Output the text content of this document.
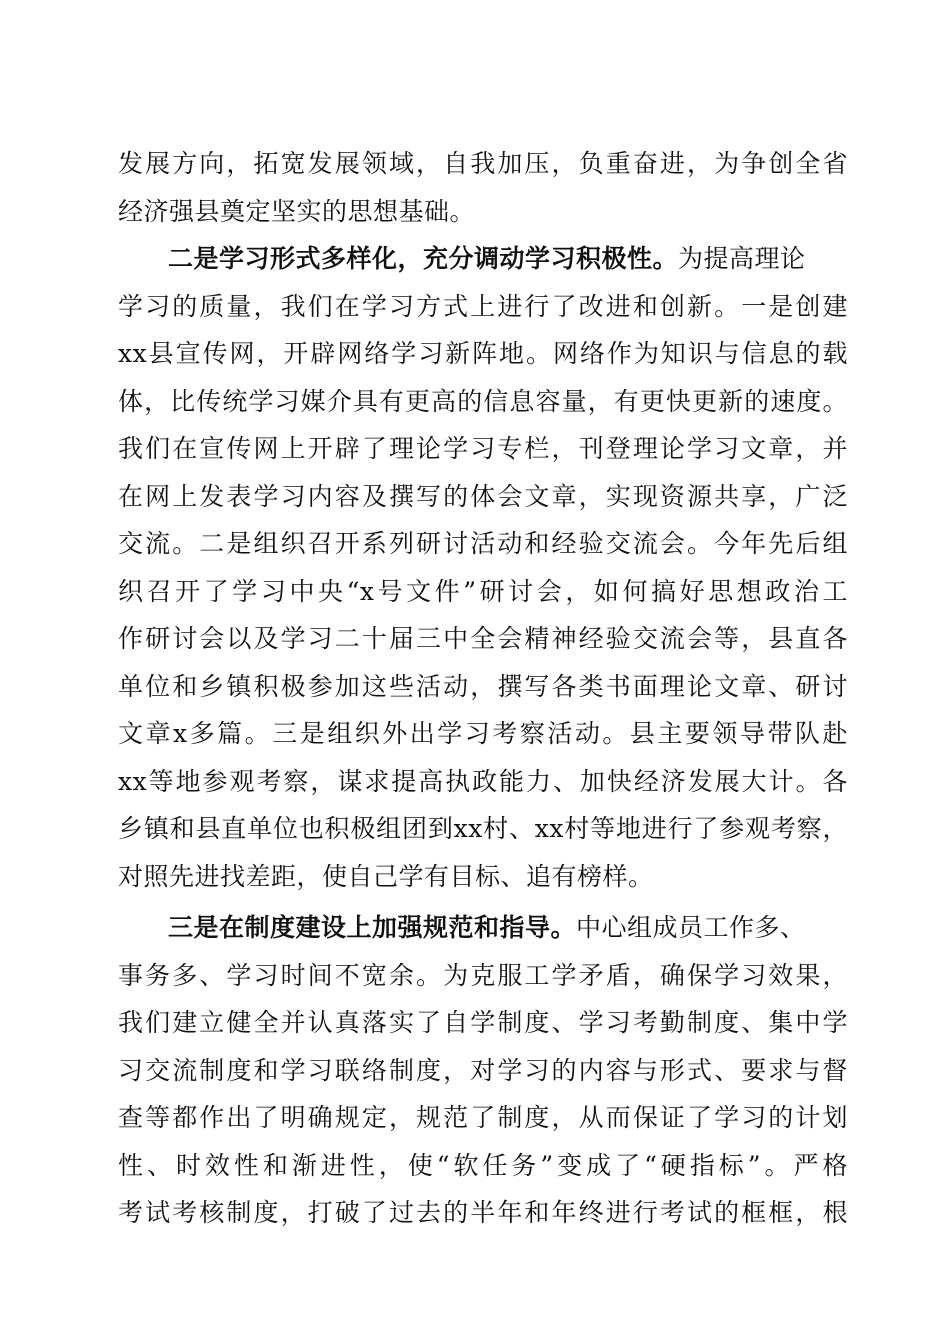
发展方向，拓宽发展领域，自我加压，负重奋进，为争创全省
经济强县奠定坚实的思想基础。
二是学习形式多样化，充分调动学习积极性。为提高理论
学习的质量，我们在学习方式上进行了改进和创新。一是创建
xx县宣传网，开辟网络学习新阵地。网络作为知识与信息的载
体，比传统学习媒介具有更高的信息容量，有更快更新的速度。
我们在宣传网上开辟了理论学习专栏，刊登理论学习文章，并
在网上发表学习内容及撰写的体会文章，实现资源共享，广泛
交流。二是组织召开系列研讨活动和经验交流会。今年先后组
织召开了学习中央“x号文件”研讨会，如何搞好思想政治工
作研讨会以及学习二十届三中全会精神经验交流会等，县直各
单位和乡镇积极参加这些活动，撰写各类书面理论文章、研讨
文章x多篇。三是组织外出学习考察活动。县主要领导带队赴
xx等地参观考察，谋求提高执政能力、加快经济发展大计。各
乡镇和县直单位也积极组团到xx村、xx村等地进行了参观考察，
对照先进找差距，使自己学有目标、追有榜样。
三是在制度建设上加强规范和指导。中心组成员工作多、
事务多、学习时间不宽余。为克服工学矛盾，确保学习效果，
我们建立健全并认真落实了自学制度、学习考勤制度、集中学
习交流制度和学习联络制度，对学习的内容与形式、要求与督
查等都作出了明确规定，规范了制度，从而保证了学习的计划
性、时效性和渐进性，使“软任务”变成了“硬指标”。严格
考试考核制度，打破了过去的半年和年终进行考试的框框，根
